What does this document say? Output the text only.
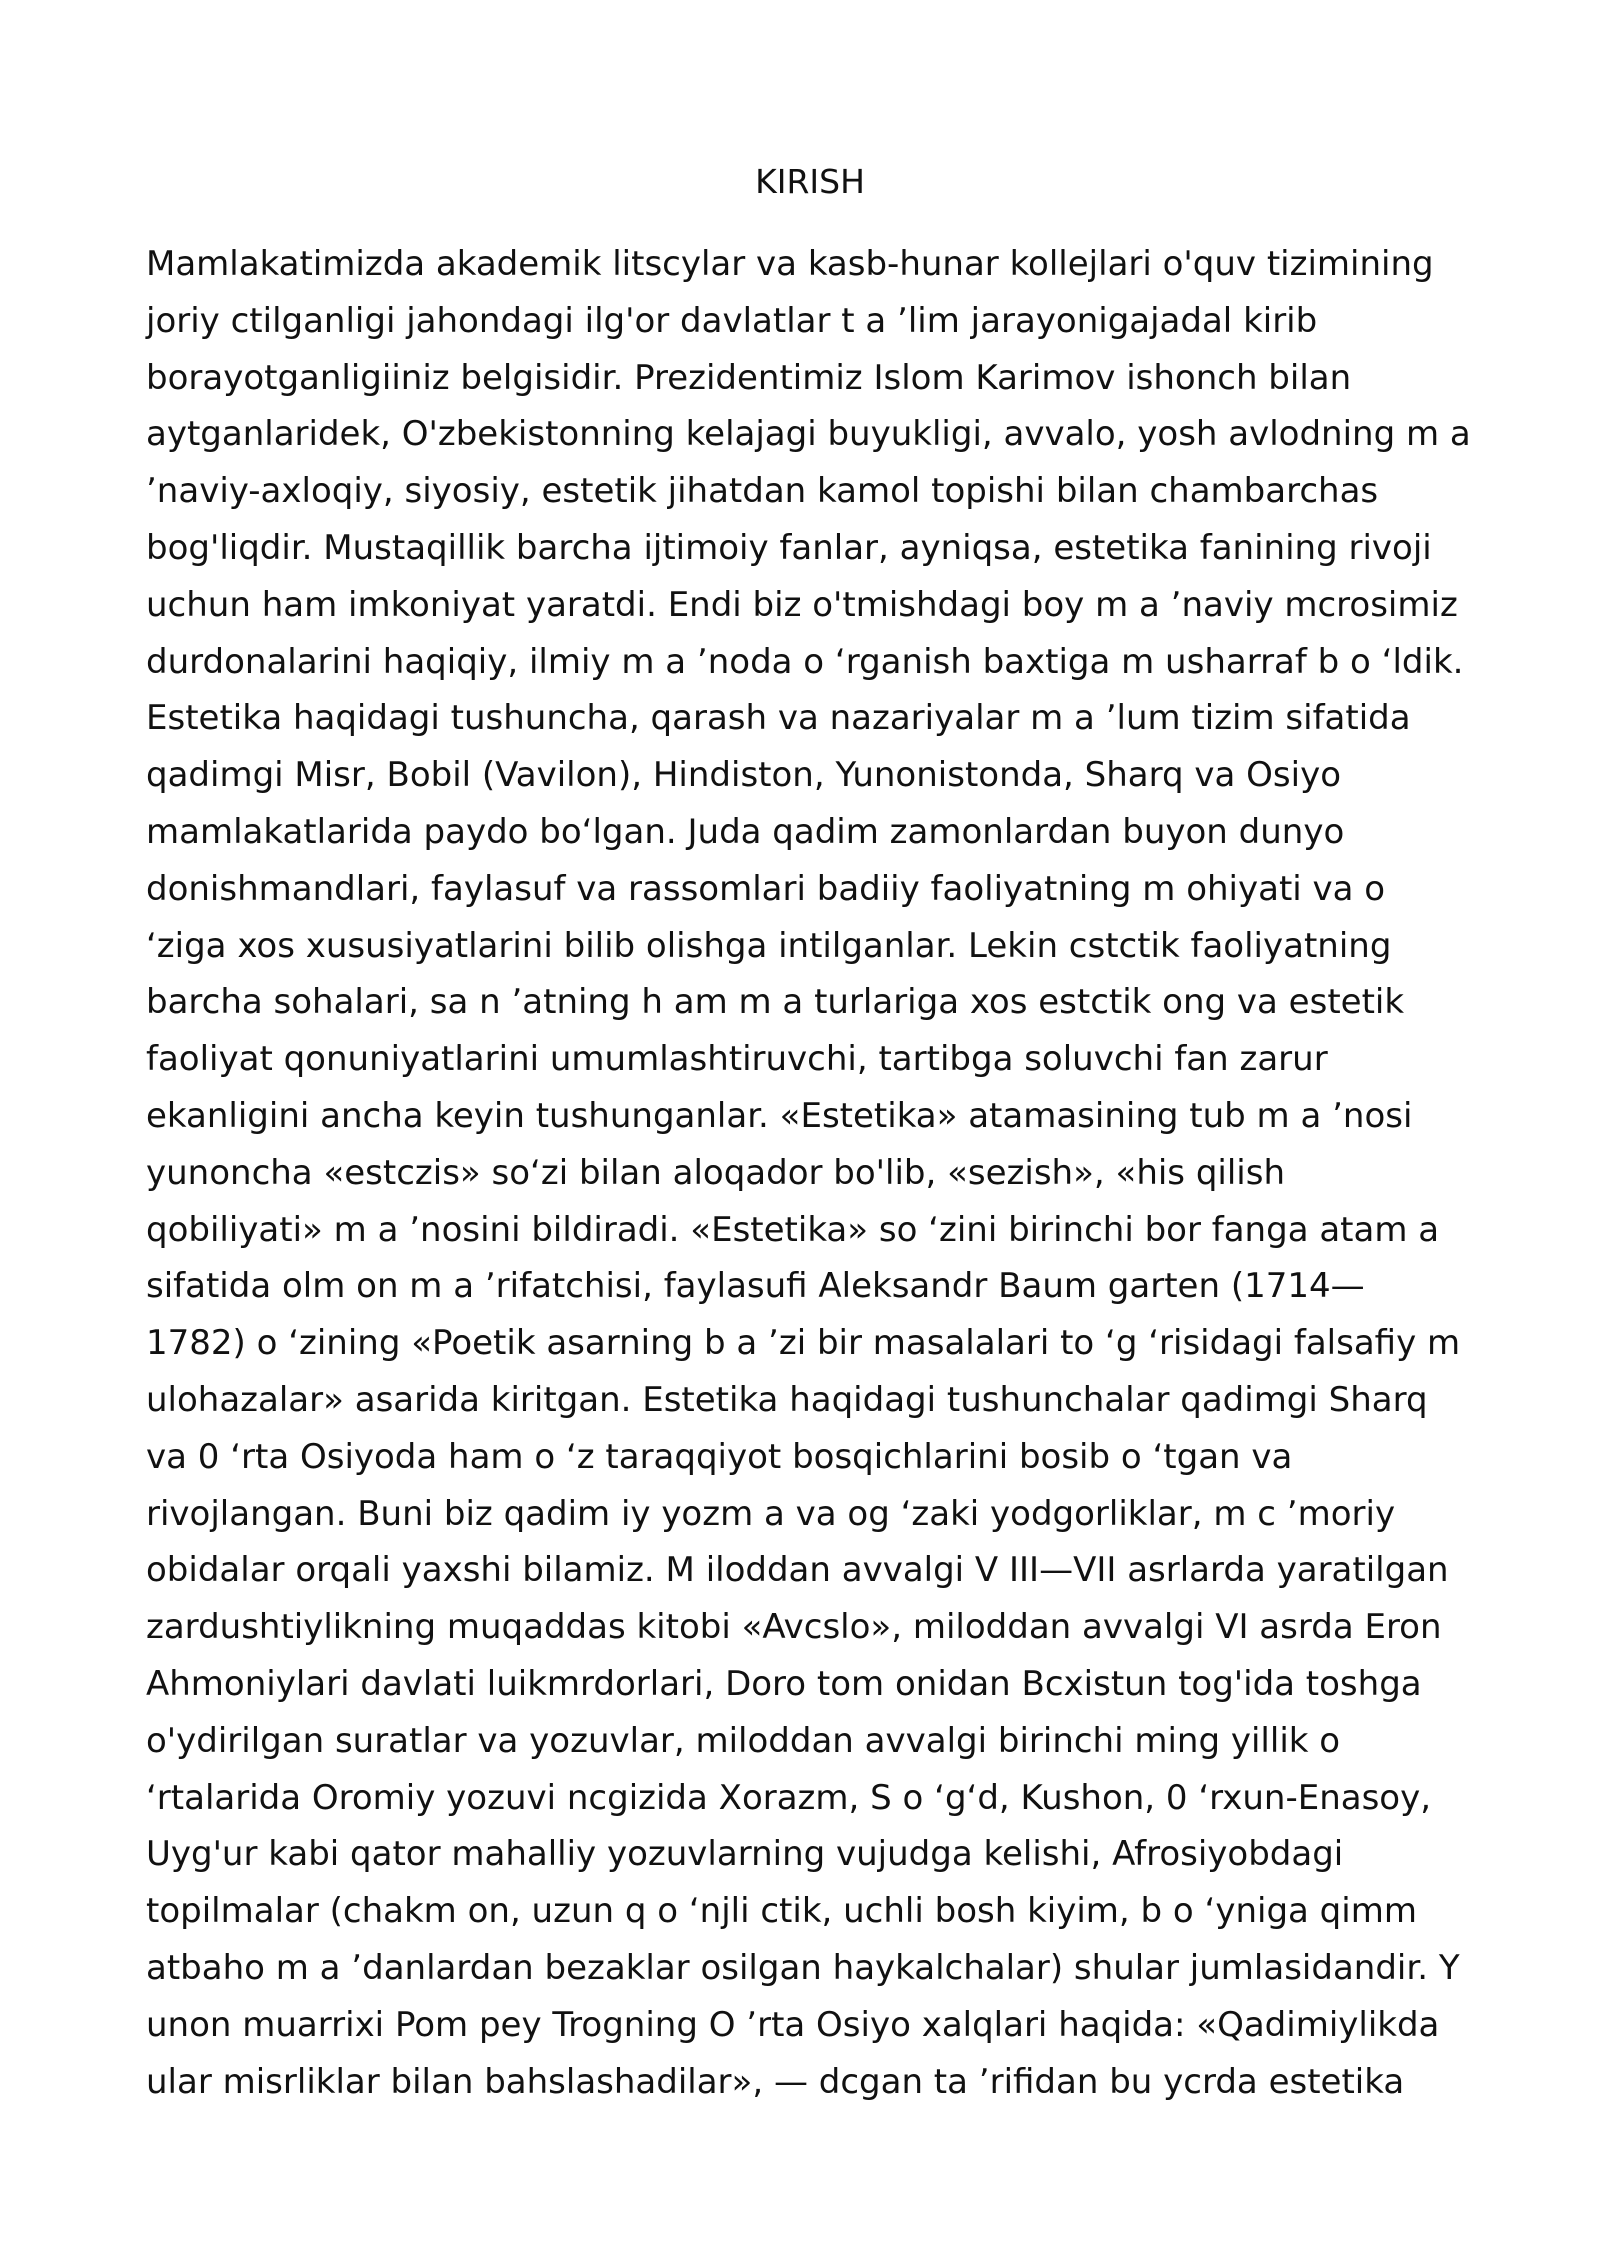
KIRISH
Mamlakatimizda akademik litscylar va kasb-hunar kollejlari o'quv tizimining
joriy ctilganligi jahondagi ilg'or davlatlar t a ’lim jarayonigajadal kirib
borayotganligiiniz belgisidir. Prezidentimiz Islom Karimov ishonch bilan
aytganlaridek, O'zbekistonning kelajagi buyukligi, avvalo, yosh avlodning m a
’naviy-axloqiy, siyosiy, estetik jihatdan kamol topishi bilan chambarchas
bog'liqdir. Mustaqillik barcha ijtimoiy fanlar, ayniqsa, estetika fanining rivoji
uchun ham imkoniyat yaratdi. Endi biz o'tmishdagi boy m a ’naviy mcrosimiz
durdonalarini haqiqiy, ilmiy m a ’noda o ‘rganish baxtiga m usharraf b o ‘ldik.
Estetika haqidagi tushuncha, qarash va nazariyalar m a ’lum tizim sifatida
qadimgi Misr, Bobil (Vavilon), Hindiston, Yunonistonda, Sharq va Osiyo
mamlakatlarida paydo bo‘lgan. Juda qadim zamonlardan buyon dunyo
donishmandlari, faylasuf va rassomlari badiiy faoliyatning m ohiyati va o
‘ziga xos xususiyatlarini bilib olishga intilganlar. Lekin cstctik faoliyatning
barcha sohalari, sa n ’atning h am m a turlariga xos estctik ong va estetik
faoliyat qonuniyatlarini umumlashtiruvchi, tartibga soluvchi fan zarur
ekanligini ancha keyin tushunganlar. «Estetika» atamasining tub m a ’nosi
yunoncha «estczis» so‘zi bilan aloqador bo'lib, «sezish», «his qilish
qobiliyati» m a ’nosini bildiradi. «Estetika» so ‘zini birinchi bor fanga atam a
sifatida olm on m a ’rifatchisi, faylasufi Aleksandr Baum garten (1714—
1782) o ‘zining «Poetik asarning b a ’zi bir masalalari to ‘g ‘risidagi falsafiy m
ulohazalar» asarida kiritgan. Estetika haqidagi tushunchalar qadimgi Sharq
va 0 ‘rta Osiyoda ham o ‘z taraqqiyot bosqichlarini bosib o ‘tgan va
rivojlangan. Buni biz qadim iy yozm a va og ‘zaki yodgorliklar, m c ’moriy
obidalar orqali yaxshi bilamiz. M iloddan avvalgi V III—VII asrlarda yaratilgan
zardushtiylikning muqaddas kitobi «Avcslo», miloddan avvalgi VI asrda Eron
Ahmoniylari davlati luikmrdorlari, Doro tom onidan Bcxistun tog'ida toshga
o'ydirilgan suratlar va yozuvlar, miloddan avvalgi birinchi ming yillik o
‘rtalarida Oromiy yozuvi ncgizida Xorazm, S o ‘g‘d, Kushon, 0 ‘rxun-Enasoy,
Uyg'ur kabi qator mahalliy yozuvlarning vujudga kelishi, Afrosiyobdagi
topilmalar (chakm on, uzun q o ‘njli ctik, uchli bosh kiyim, b o ‘yniga qimm
atbaho m a ’danlardan bezaklar osilgan haykalchalar) shular jumlasidandir. Y
unon muarrixi Pom pey Trogning O ’rta Osiyo xalqlari haqida: «Qadimiylikda
ular misrliklar bilan bahslashadilar», — dcgan ta ’rifidan bu ycrda estetika
